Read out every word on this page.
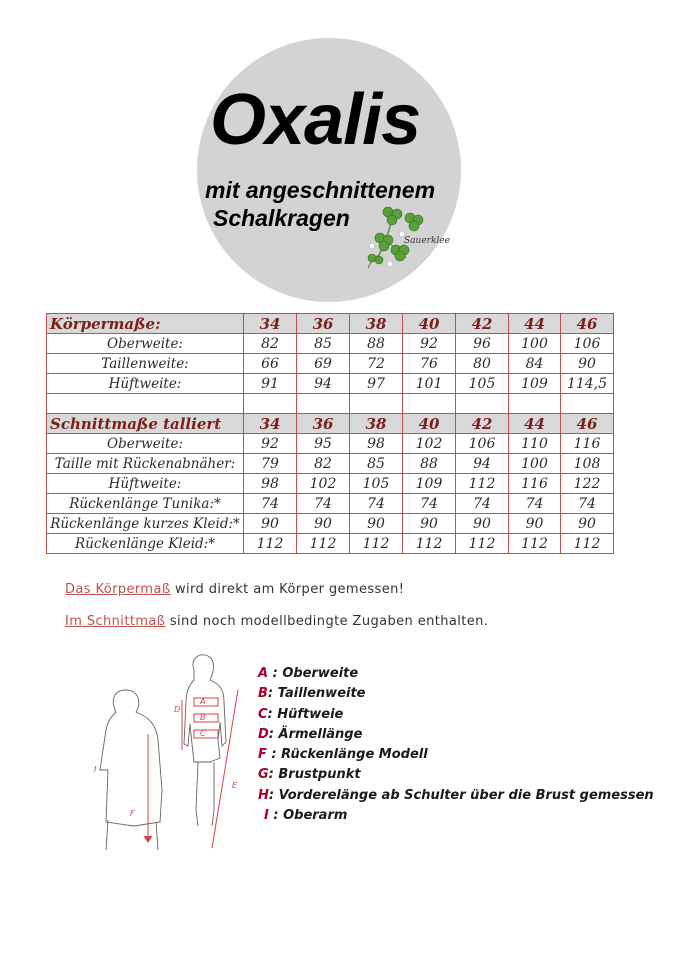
Oxalis
mit angeschnittenem
Schalkragen
Sauerklee
Körpermaße:	34	36	38	40	42	44	46
Oberweite:	82	85	88	92	96	100	106
Taillenweite:	66	69	72	76	80	84	90
Hüftweite:	91	94	97	101	105	109	114,5

Schnittmaße talliert	34	36	38	40	42	44	46
Oberweite:	92	95	98	102	106	110	116
Taille mit Rückenabnäher:	79	82	85	88	94	100	108
Hüftweite:	98	102	105	109	112	116	122
Rückenlänge Tunika:*	74	74	74	74	74	74	74
Rückenlänge kurzes Kleid:*	90	90	90	90	90	90	90
Rückenlänge Kleid:*	112	112	112	112	112	112	112
Das Körpermaß wird direkt am Körper gemessen!
Im Schnittmaß sind noch modellbedingte Zugaben enthalten.
A
B
C
D
E
F
I
A : Oberweite
B: Taillenweite
C: Hüftweie
D: Ärmellänge
F : Rückenlänge Modell
G: Brustpunkt
H: Vorderelänge ab Schulter über die Brust gemessen
I : Oberarm
